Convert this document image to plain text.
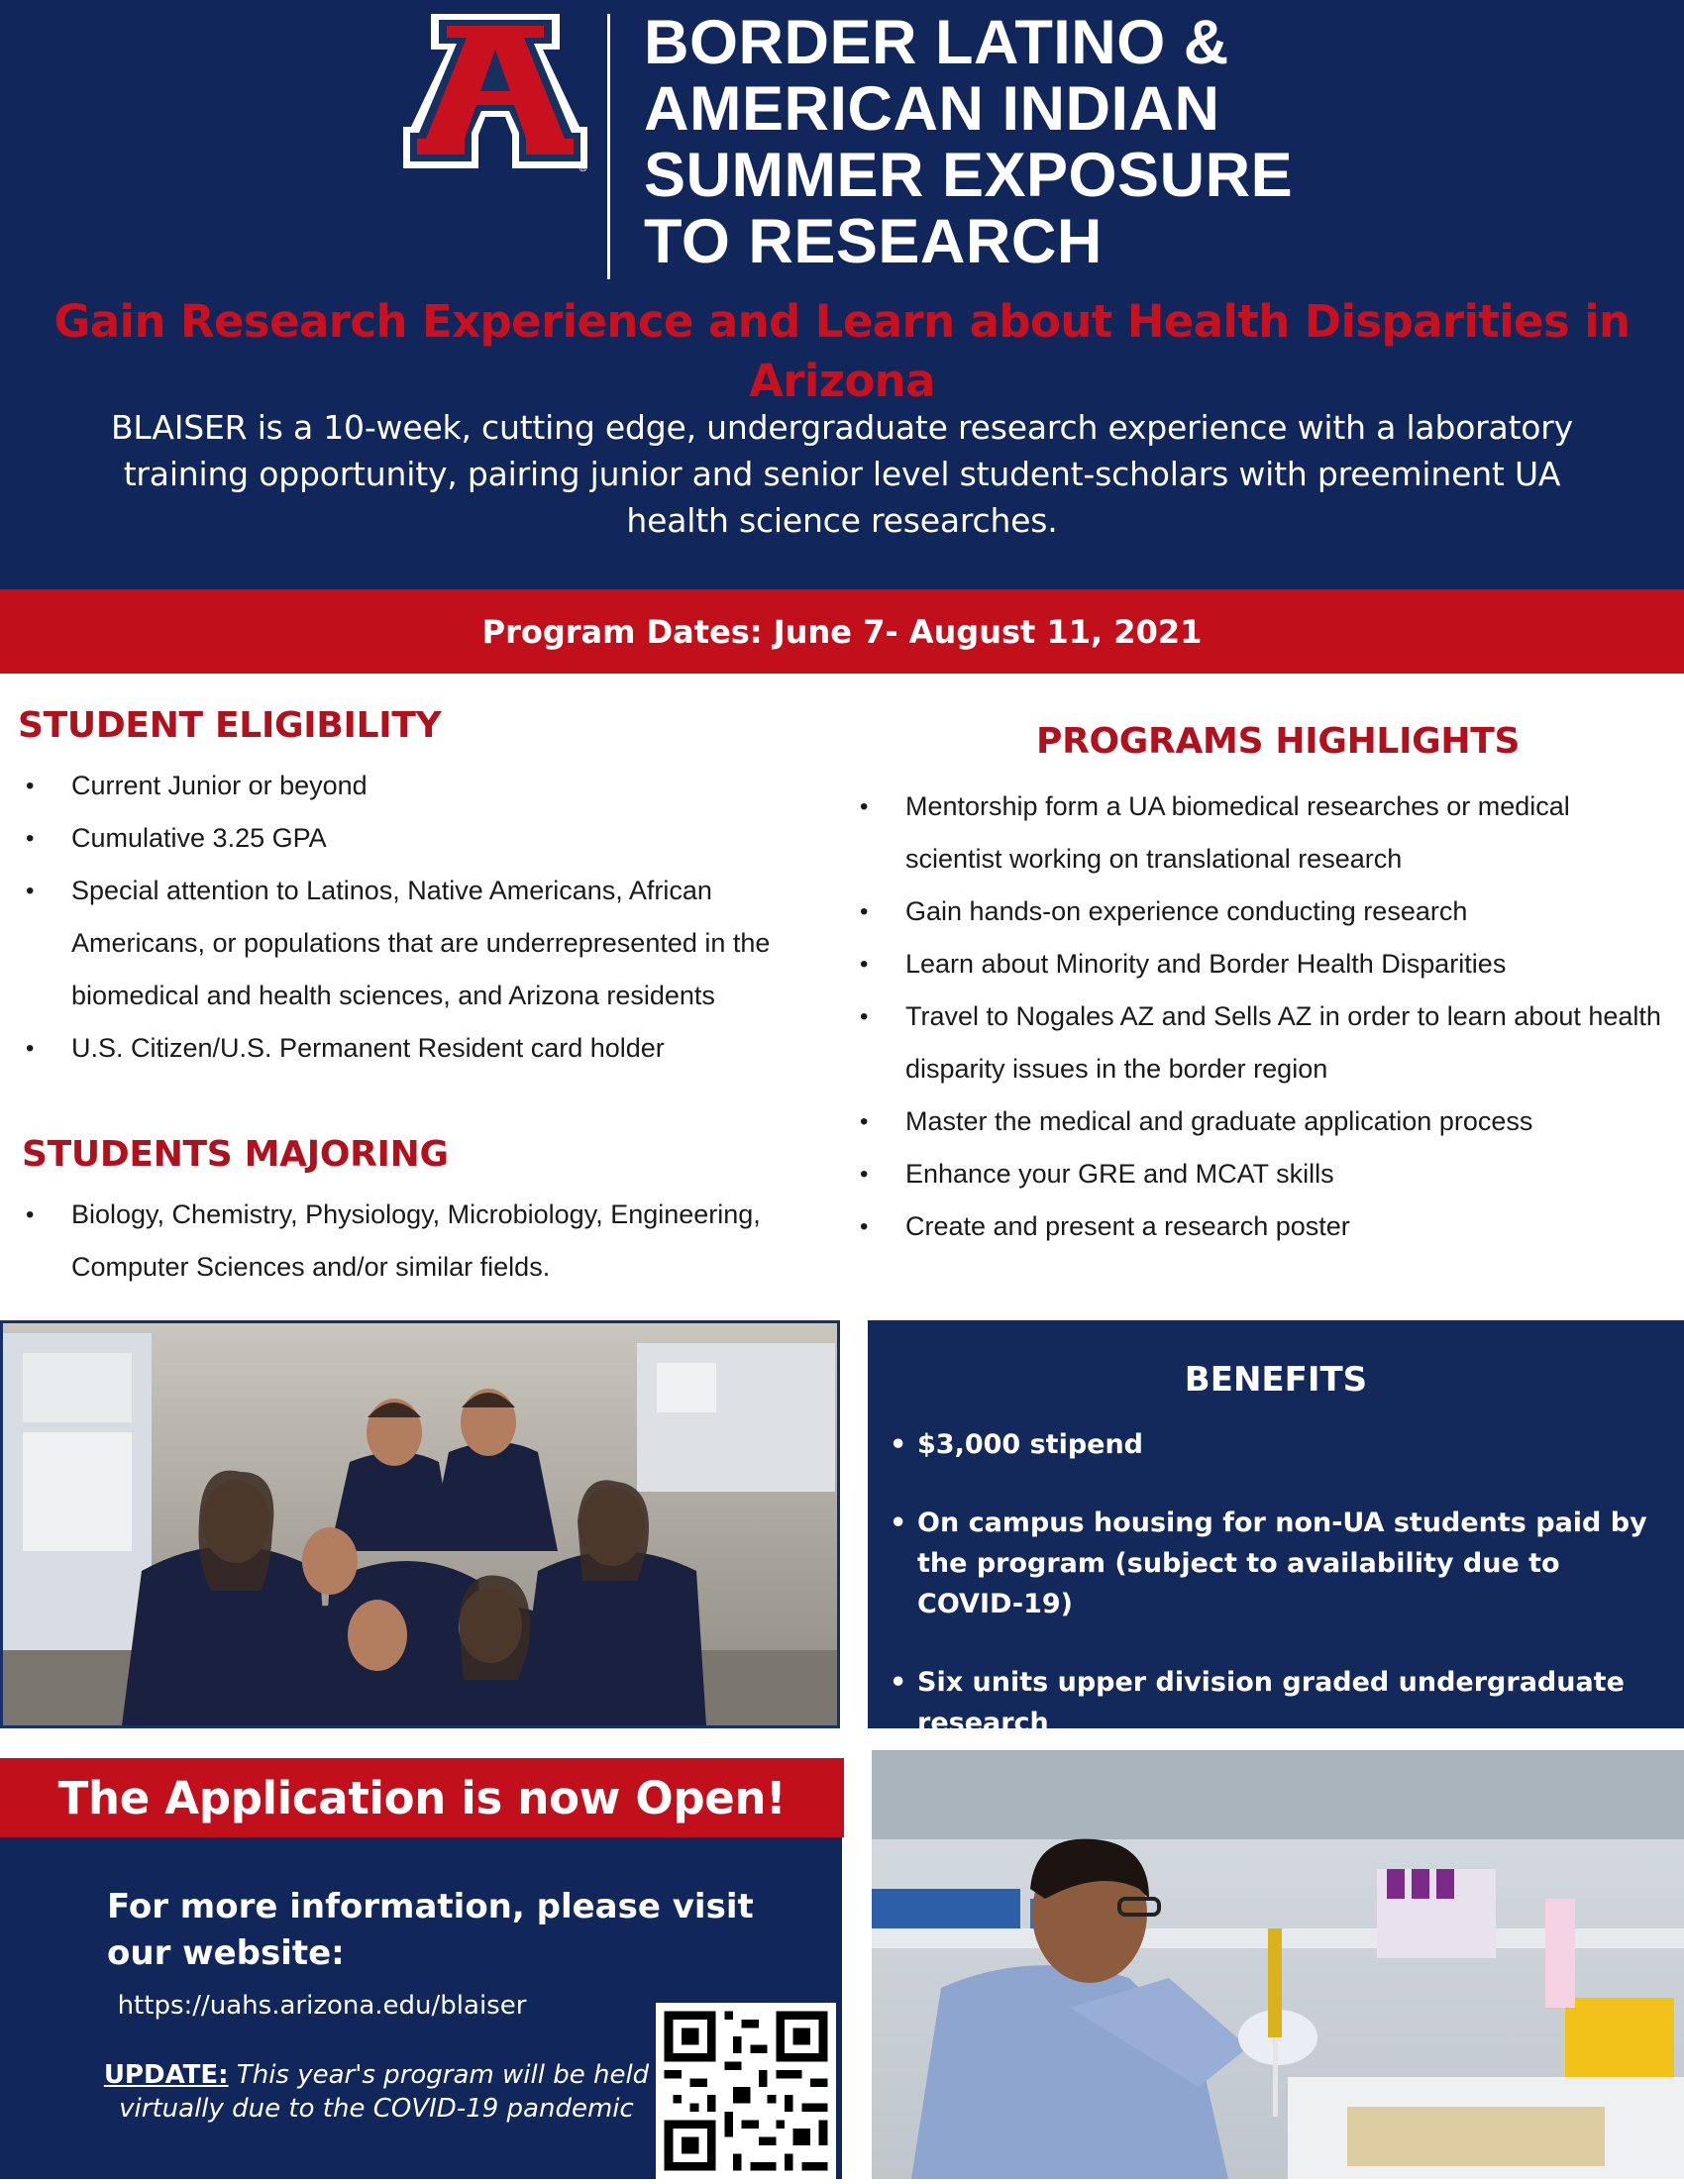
®
BORDER LATINO &
AMERICAN INDIAN
SUMMER EXPOSURE
TO RESEARCH
Gain Research Experience and Learn about Health Disparities in Arizona
BLAISER is a 10-week, cutting edge, undergraduate research experience with a laboratory training opportunity, pairing junior and senior level student-scholars with preeminent UA health science researches.
Program Dates: June 7- August 11, 2021
STUDENT ELIGIBILITY
• Current Junior or beyond
• Cumulative 3.25 GPA
• Special attention to Latinos, Native Americans, African Americans, or populations that are underrepresented in the biomedical and health sciences, and Arizona residents
• U.S. Citizen/U.S. Permanent Resident card holder
STUDENTS MAJORING
• Biology, Chemistry, Physiology, Microbiology, Engineering, Computer Sciences and/or similar fields.
PROGRAMS HIGHLIGHTS
• Mentorship form a UA biomedical researches or medical scientist working on translational research
• Gain hands-on experience conducting research
• Learn about Minority and Border Health Disparities
• Travel to Nogales AZ and Sells AZ in order to learn about health disparity issues in the border region
• Master the medical and graduate application process
• Enhance your GRE and MCAT skills
• Create and present a research poster
BENEFITS
• $3,000 stipend
• On campus housing for non-UA students paid by the program (subject to availability due to COVID-19)
• Six units upper division graded undergraduate research
The Application is now Open!
For more information, please visit our website:
https://uahs.arizona.edu/blaiser
UPDATE: This year's program will be held virtually due to the COVID-19 pandemic
